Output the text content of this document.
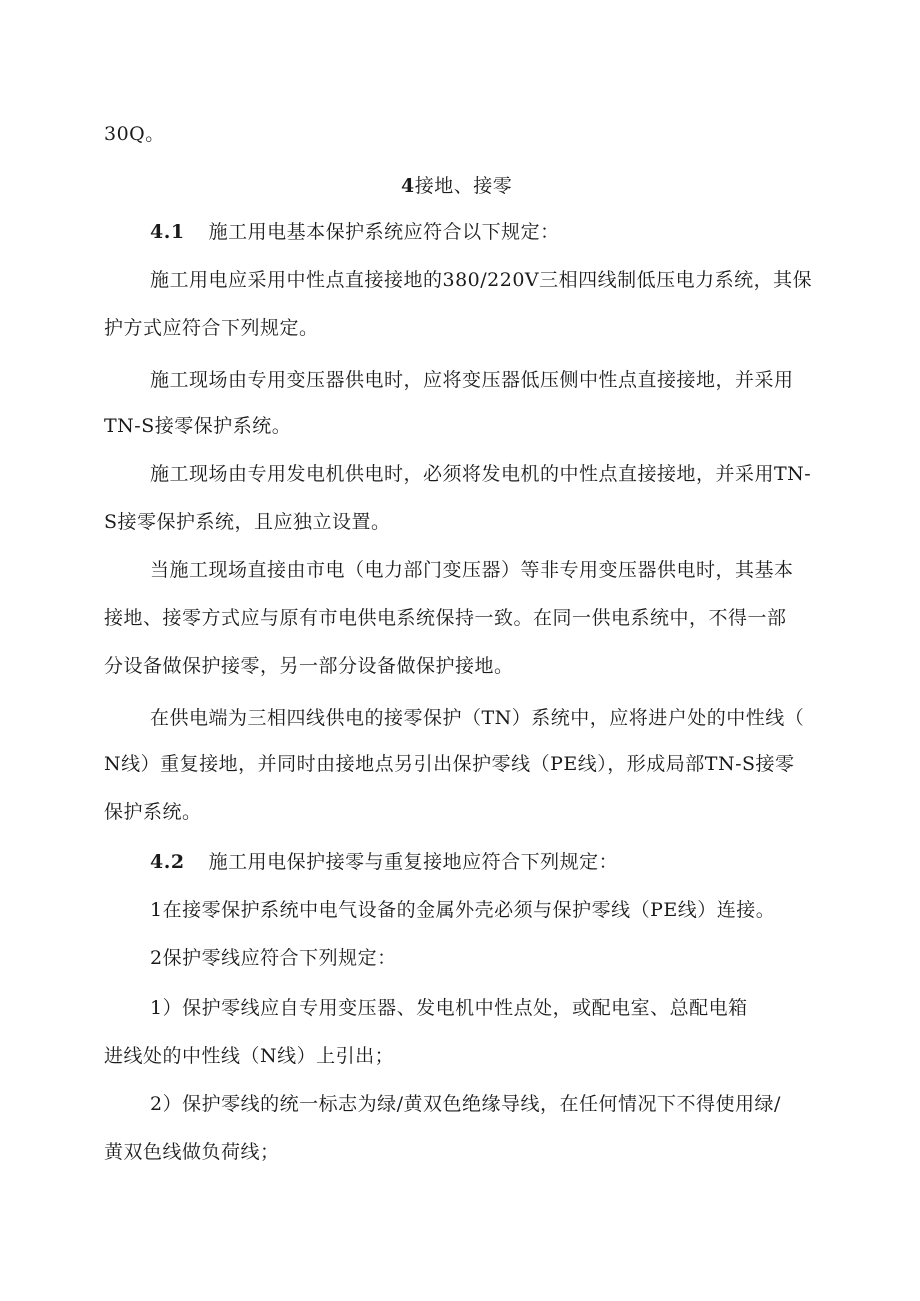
30Q。
4接地、接零
4.1 施工用电基本保护系统应符合以下规定：
施工用电应采用中性点直接接地的380/220V三相四线制低压电力系统，其保
护方式应符合下列规定。
施工现场由专用变压器供电时，应将变压器低压侧中性点直接接地，并采用
TN-S接零保护系统。
施工现场由专用发电机供电时，必须将发电机的中性点直接接地，并采用TN-
S接零保护系统，且应独立设置。
当施工现场直接由市电（电力部门变压器）等非专用变压器供电时，其基本
接地、接零方式应与原有市电供电系统保持一致。在同一供电系统中，不得一部
分设备做保护接零，另一部分设备做保护接地。
在供电端为三相四线供电的接零保护（TN）系统中，应将进户处的中性线（
N线）重复接地，并同时由接地点另引出保护零线（PE线），形成局部TN-S接零
保护系统。
4.2 施工用电保护接零与重复接地应符合下列规定：
1在接零保护系统中电气设备的金属外壳必须与保护零线（PE线）连接。
2保护零线应符合下列规定：
1）保护零线应自专用变压器、发电机中性点处，或配电室、总配电箱
进线处的中性线（N线）上引出；
2）保护零线的统一标志为绿/黄双色绝缘导线，在任何情况下不得使用绿/
黄双色线做负荷线；
